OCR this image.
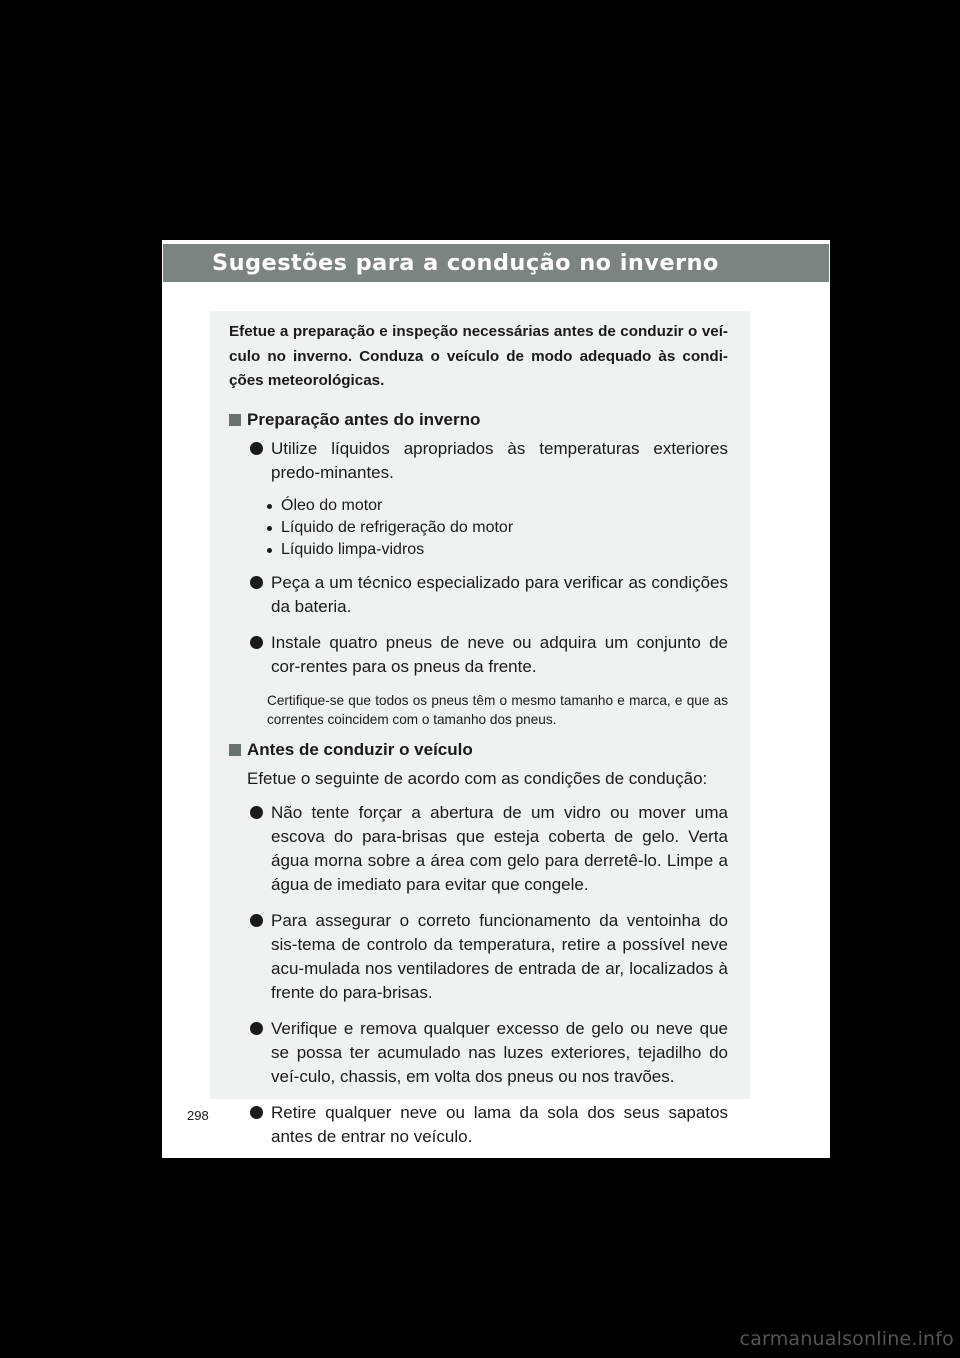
Sugestões para a condução no inverno

Efetue a preparação e inspeção necessárias antes de conduzir o veí-culo no inverno. Conduza o veículo de modo adequado às condi-ções meteorológicas.

Preparação antes do inverno
Utilize líquidos apropriados às temperaturas exteriores predo-minantes.
Óleo do motor
Líquido de refrigeração do motor
Líquido limpa-vidros
Peça a um técnico especializado para verificar as condições da bateria.
Instale quatro pneus de neve ou adquira um conjunto de cor-rentes para os pneus da frente.

Certifique-se que todos os pneus têm o mesmo tamanho e marca, e que as correntes coincidem com o tamanho dos pneus.

Antes de conduzir o veículo

Efetue o seguinte de acordo com as condições de condução:

Não tente forçar a abertura de um vidro ou mover uma escova do para-brisas que esteja coberta de gelo. Verta água morna sobre a área com gelo para derretê-lo. Limpe a água de imediato para evitar que congele.
Para assegurar o correto funcionamento da ventoinha do sis-tema de controlo da temperatura, retire a possível neve acu-mulada nos ventiladores de entrada de ar, localizados à frente do para-brisas.
Verifique e remova qualquer excesso de gelo ou neve que se possa ter acumulado nas luzes exteriores, tejadilho do veí-culo, chassis, em volta dos pneus ou nos travões.
Retire qualquer neve ou lama da sola dos seus sapatos antes de entrar no veículo.
298
carmanualsonline.info
